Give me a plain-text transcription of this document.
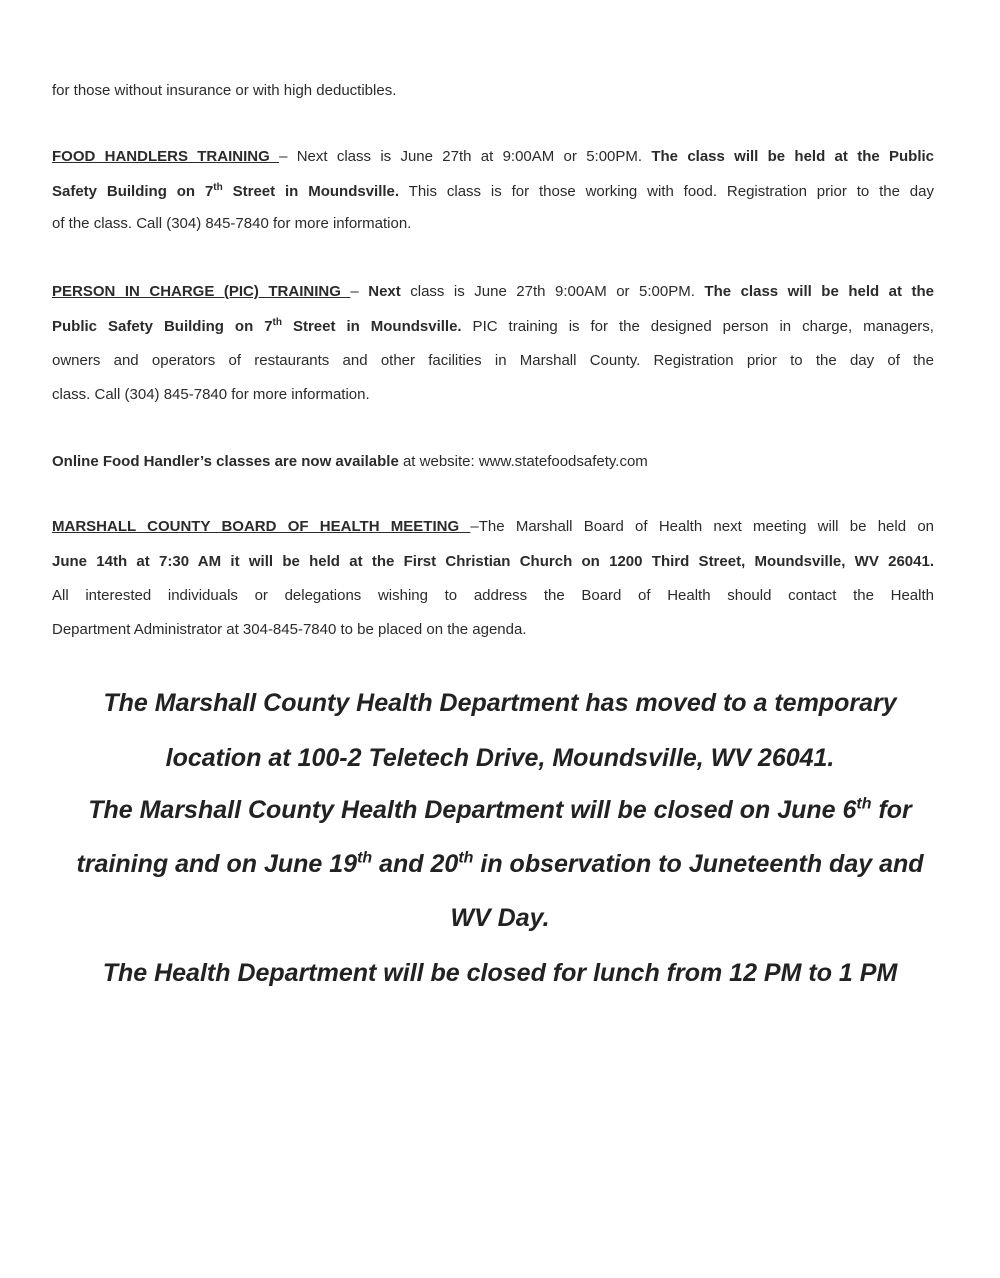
for those without insurance or with high deductibles.
FOOD HANDLERS TRAINING – Next class is June 27th at 9:00AM or 5:00PM. The class will be held at the Public
Safety Building on 7th Street in Moundsville. This class is for those working with food. Registration prior to the day
of the class. Call (304) 845-7840 for more information.
PERSON IN CHARGE (PIC) TRAINING – Next class is June 27th 9:00AM or 5:00PM. The class will be held at the
Public Safety Building on 7th Street in Moundsville. PIC training is for the designed person in charge, managers,
owners and operators of restaurants and other facilities in Marshall County. Registration prior to the day of the
class. Call (304) 845-7840 for more information.
Online Food Handler’s classes are now available at website: www.statefoodsafety.com
MARSHALL COUNTY BOARD OF HEALTH MEETING –The Marshall Board of Health next meeting will be held on
June 14th at 7:30 AM it will be held at the First Christian Church on 1200 Third Street, Moundsville, WV 26041.
All interested individuals or delegations wishing to address the Board of Health should contact the Health
Department Administrator at 304-845-7840 to be placed on the agenda.
The Marshall County Health Department has moved to a temporary
location at 100-2 Teletech Drive, Moundsville, WV 26041.
The Marshall County Health Department will be closed on June 6th for
training and on June 19th and 20th in observation to Juneteenth day and
WV Day.
The Health Department will be closed for lunch from 12 PM to 1 PM
